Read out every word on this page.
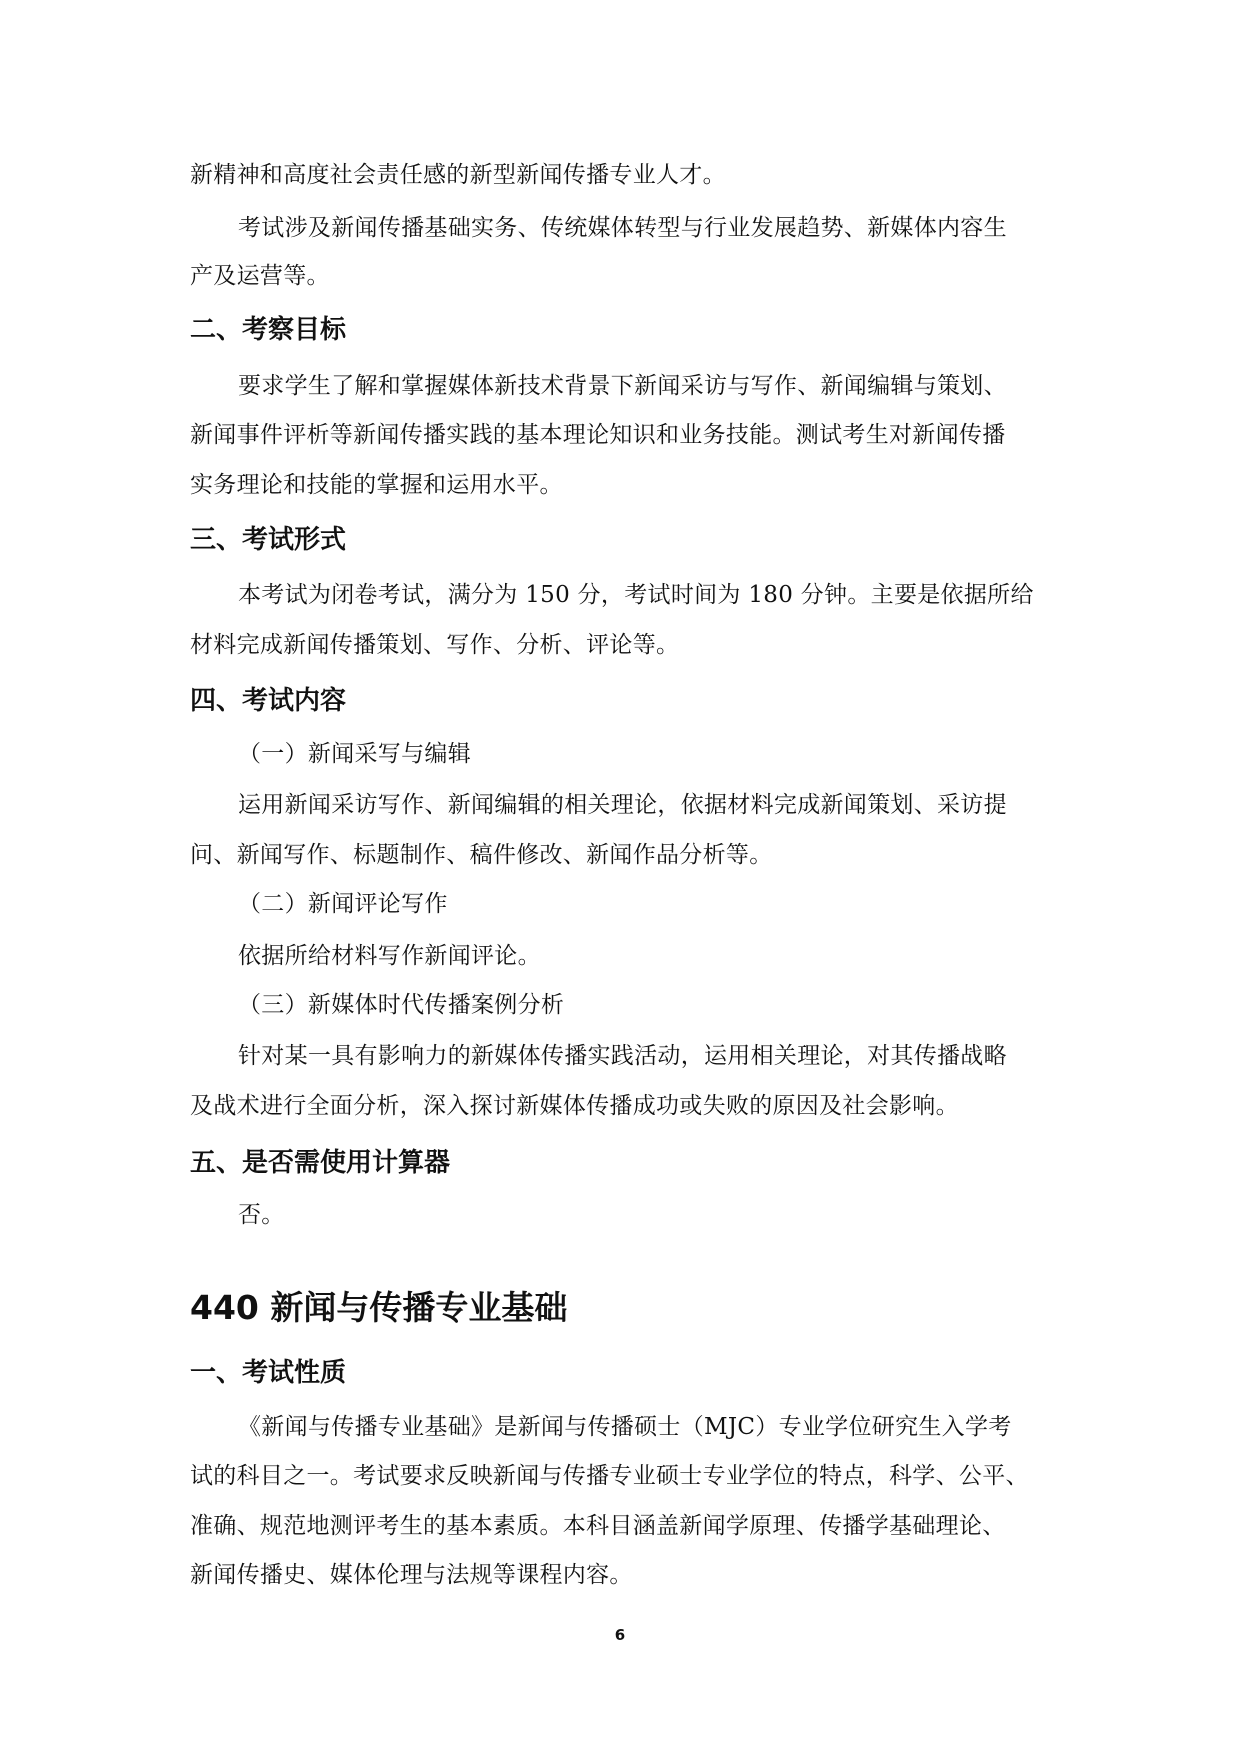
新精神和高度社会责任感的新型新闻传播专业人才。
考试涉及新闻传播基础实务、传统媒体转型与行业发展趋势、新媒体内容生
产及运营等。
二、考察目标
要求学生了解和掌握媒体新技术背景下新闻采访与写作、新闻编辑与策划、
新闻事件评析等新闻传播实践的基本理论知识和业务技能。测试考生对新闻传播
实务理论和技能的掌握和运用水平。
三、考试形式
本考试为闭卷考试，满分为 150 分，考试时间为 180 分钟。主要是依据所给
材料完成新闻传播策划、写作、分析、评论等。
四、考试内容
（一）新闻采写与编辑
运用新闻采访写作、新闻编辑的相关理论，依据材料完成新闻策划、采访提
问、新闻写作、标题制作、稿件修改、新闻作品分析等。
（二）新闻评论写作
依据所给材料写作新闻评论。
（三）新媒体时代传播案例分析
针对某一具有影响力的新媒体传播实践活动，运用相关理论，对其传播战略
及战术进行全面分析，深入探讨新媒体传播成功或失败的原因及社会影响。
五、是否需使用计算器
否。
440 新闻与传播专业基础
一、考试性质
《新闻与传播专业基础》是新闻与传播硕士（MJC）专业学位研究生入学考
试的科目之一。考试要求反映新闻与传播专业硕士专业学位的特点，科学、公平、
准确、规范地测评考生的基本素质。本科目涵盖新闻学原理、传播学基础理论、
新闻传播史、媒体伦理与法规等课程内容。
6
